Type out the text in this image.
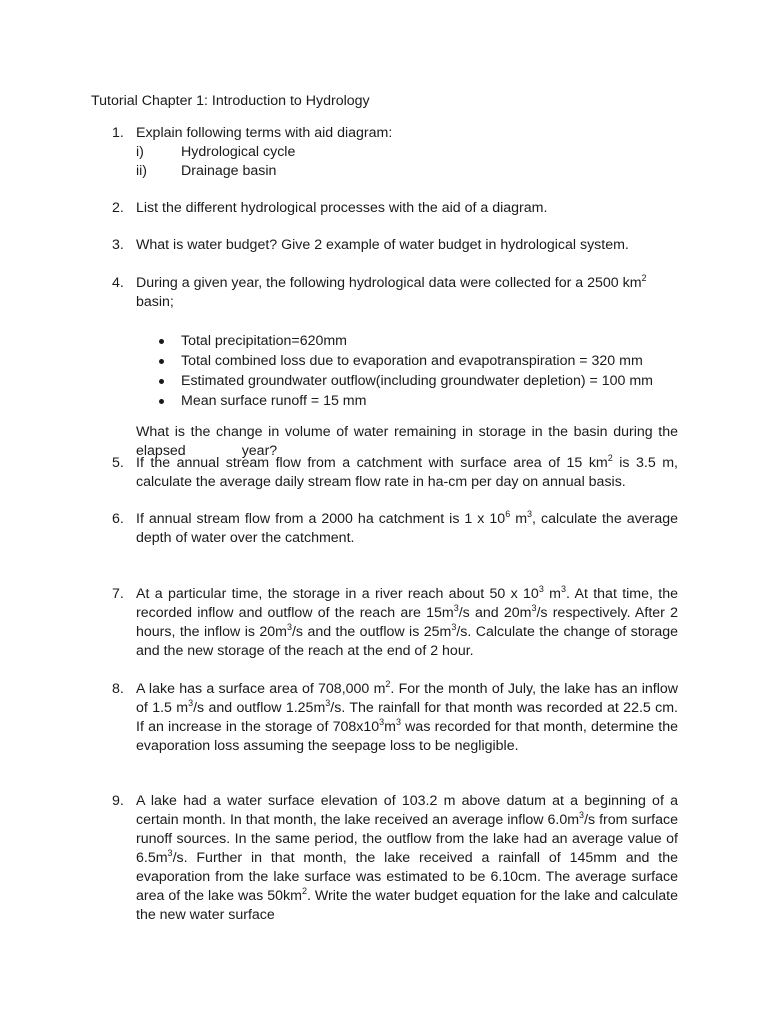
Tutorial Chapter 1: Introduction to Hydrology
1. Explain following terms with aid diagram:

i)	Hydrological cycle
ii) Drainage basin
2. List the different hydrological processes with the aid of a diagram.

3. What is water budget? Give 2 example of water budget in hydrological system.

4. During a given year, the following hydrological data were collected for a 2500 $km^2$ basin;

Total precipitation=620mm
Total combined loss due to evaporation and evapotranspiration = 320 mm
Estimated groundwater outflow(including groundwater depletion) = 100 mm
Mean surface runoff = 15 mm

What is the change in volume of water remaining in storage in the basin during the

elapsed	year?

5. If the annual stream flow from a catchment with surface area of 15 $km^2$ is 3.5 m, calculate the average daily stream flow rate in ha-cm per day on annual basis.

6. If annual stream flow from a 2000 ha catchment is 1 x $10^6$ $m^3$, calculate the average depth of water over the catchment.

7. At a particular time, the storage in a river reach about 50 x $10^3$ $m^3$. At that time, the recorded inflow and outflow of the reach are $15m^3/s$ and $20m^3/s$ respectively. After 2 hours, the inflow is $20m^3/s$ and the outflow is $25m^3/s$. Calculate the change of storage and the new storage of the reach at the end of 2 hour.

8. A lake has a surface area of 708,000 $m^2$. For the month of July, the lake has an inflow of 1.5 $m^3/s$ and outflow $1.25m^3/s$. The rainfall for that month was recorded at 22.5 cm. If an increase in the storage of $708x10^3m^3$ was recorded for that month, determine the evaporation loss assuming the seepage loss to be negligible.

9. A lake had a water surface elevation of 103.2 m above datum at a beginning of a certain month. In that month, the lake received an average inflow $6.0m^3/s$ from surface runoff sources. In the same period, the outflow from the lake had an average value of $6.5m^3/s$. Further in that month, the lake received a rainfall of 145mm and the evaporation from the lake surface was estimated to be 6.10cm. The average surface area of the lake was $50km^2$. Write the water budget equation for the lake and calculate the new water surface
